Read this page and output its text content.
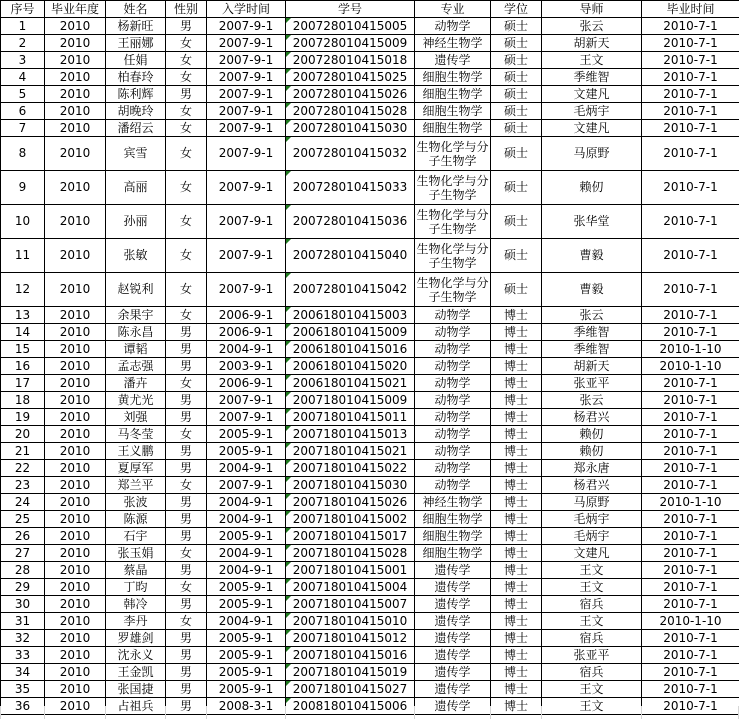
序号	毕业年度	姓名	性别	入学时间	学号	专业	学位	导师	毕业时间
1	2010	杨新旺	男	2007-9-1	200728010415005	动物学	硕士	张云	2010-7-1
2	2010	王丽娜	女	2007-9-1	200728010415009	神经生物学	硕士	胡新天	2010-7-1
3	2010	任娟	女	2007-9-1	200728010415018	遗传学	硕士	王文	2010-7-1
4	2010	柏春玲	女	2007-9-1	200728010415025	细胞生物学	硕士	季维智	2010-7-1
5	2010	陈利辉	男	2007-9-1	200728010415026	细胞生物学	硕士	文建凡	2010-7-1
6	2010	胡晚玲	女	2007-9-1	200728010415028	细胞生物学	硕士	毛炳宇	2010-7-1
7	2010	潘绍云	女	2007-9-1	200728010415030	细胞生物学	硕士	文建凡	2010-7-1
8	2010	宾雪	女	2007-9-1	200728010415032	生物化学与分子生物学	硕士	马原野	2010-7-1
9	2010	高丽	女	2007-9-1	200728010415033	生物化学与分子生物学	硕士	赖仞	2010-7-1
10	2010	孙丽	女	2007-9-1	200728010415036	生物化学与分子生物学	硕士	张华堂	2010-7-1
11	2010	张敏	女	2007-9-1	200728010415040	生物化学与分子生物学	硕士	曹毅	2010-7-1
12	2010	赵锐利	女	2007-9-1	200728010415042	生物化学与分子生物学	硕士	曹毅	2010-7-1
13	2010	余果宇	女	2006-9-1	200618010415003	动物学	博士	张云	2010-7-1
14	2010	陈永昌	男	2006-9-1	200618010415009	动物学	博士	季维智	2010-7-1
15	2010	谭韬	男	2004-9-1	200618010415016	动物学	博士	季维智	2010-1-10
16	2010	孟志强	男	2003-9-1	200618010415020	动物学	博士	胡新天	2010-1-10
17	2010	潘卉	女	2006-9-1	200618010415021	动物学	博士	张亚平	2010-7-1
18	2010	黄尤光	男	2007-9-1	200718010415009	动物学	博士	张云	2010-7-1
19	2010	刘强	男	2007-9-1	200718010415011	动物学	博士	杨君兴	2010-7-1
20	2010	马冬莹	女	2005-9-1	200718010415013	动物学	博士	赖仞	2010-7-1
21	2010	王义鹏	男	2005-9-1	200718010415021	动物学	博士	赖仞	2010-7-1
22	2010	夏厚军	男	2004-9-1	200718010415022	动物学	博士	郑永唐	2010-7-1
23	2010	郑兰平	女	2007-9-1	200718010415030	动物学	博士	杨君兴	2010-7-1
24	2010	张波	男	2004-9-1	200718010415026	神经生物学	博士	马原野	2010-1-10
25	2010	陈源	男	2004-9-1	200718010415002	细胞生物学	博士	毛炳宇	2010-7-1
26	2010	石宇	男	2005-9-1	200718010415017	细胞生物学	博士	毛炳宇	2010-7-1
27	2010	张玉娟	女	2004-9-1	200718010415028	细胞生物学	博士	文建凡	2010-7-1
28	2010	蔡晶	男	2004-9-1	200718010415001	遗传学	博士	王文	2010-7-1
29	2010	丁昀	女	2005-9-1	200718010415004	遗传学	博士	王文	2010-7-1
30	2010	韩冷	男	2005-9-1	200718010415007	遗传学	博士	宿兵	2010-7-1
31	2010	李丹	女	2004-9-1	200718010415010	遗传学	博士	王文	2010-1-10
32	2010	罗雄剑	男	2005-9-1	200718010415012	遗传学	博士	宿兵	2010-7-1
33	2010	沈永义	男	2005-9-1	200718010415016	遗传学	博士	张亚平	2010-7-1
34	2010	王金凯	男	2005-9-1	200718010415019	遗传学	博士	宿兵	2010-7-1
35	2010	张国捷	男	2005-9-1	200718010415027	遗传学	博士	王文	2010-7-1
36	2010	占祖兵	男	2008-3-1	200818010415006	遗传学	博士	王文	2010-7-1
